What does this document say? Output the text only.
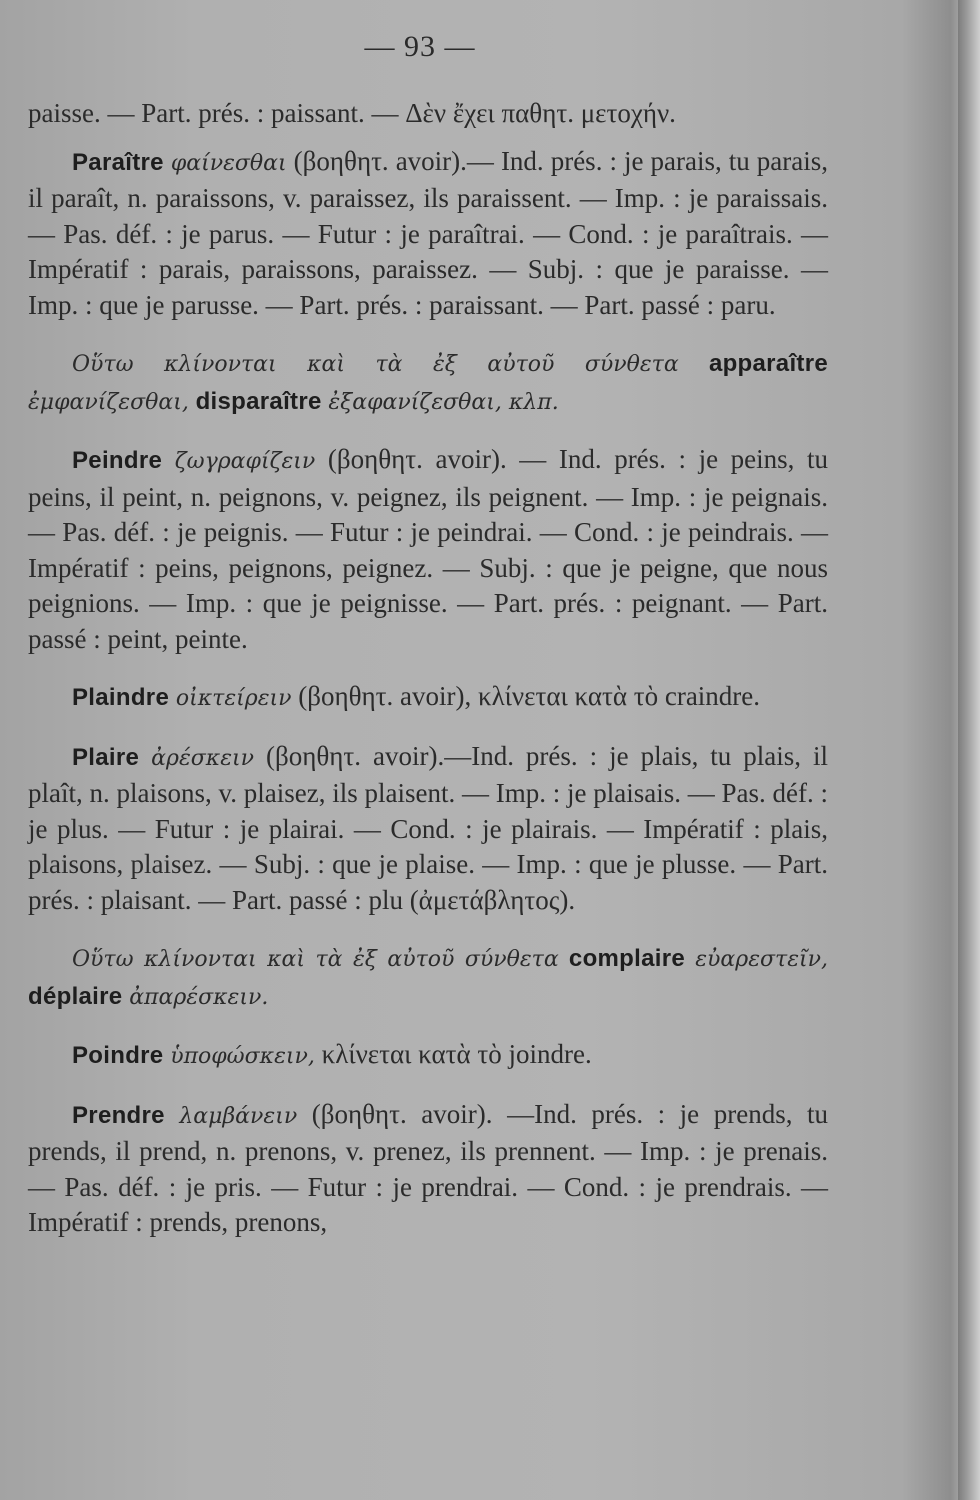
— 93 —

paisse. — Part. prés. : paissant. — Δὲν ἔχει παθητ. μετοχήν.

Paraître φαίνεσθαι (βοηθητ. avoir).— Ind. prés. : je parais, tu parais, il paraît, n. paraissons, v. paraissez, ils paraissent. — Imp. : je paraissais. — Pas. déf. : je parus. — Futur : je paraîtrai. — Cond. : je paraîtrais. — Impératif : parais, paraissons, paraissez. — Subj. : que je paraisse. — Imp. : que je parusse. — Part. prés. : paraissant. — Part. passé : paru.

Οὕτω κλίνονται καὶ τὰ ἐξ αὐτοῦ σύνθετα apparaître ἐμφανίζεσθαι, disparaître ἐξαφανίζεσθαι, κλπ.

Peindre ζωγραφίζειν (βοηθητ. avoir). — Ind. prés. : je peins, tu peins, il peint, n. peignons, v. peignez, ils peignent. — Imp. : je peignais. — Pas. déf. : je peignis. — Futur : je peindrai. — Cond. : je peindrais. — Impératif : peins, peignons, peignez. — Subj. : que je peigne, que nous peignions. — Imp. : que je peignisse. — Part. prés. : peignant. — Part. passé : peint, peinte.

Plaindre οἰκτείρειν (βοηθητ. avoir), κλίνεται κατὰ τὸ craindre.

Plaire ἀρέσκειν (βοηθητ. avoir).—Ind. prés. : je plais, tu plais, il plaît, n. plaisons, v. plaisez, ils plaisent. — Imp. : je plaisais. — Pas. déf. : je plus. — Futur : je plairai. — Cond. : je plairais. — Impératif : plais, plaisons, plaisez. — Subj. : que je plaise. — Imp. : que je plusse. — Part. prés. : plaisant. — Part. passé : plu (ἀμετάβλητος).

Οὕτω κλίνονται καὶ τὰ ἐξ αὐτοῦ σύνθετα complaire εὐαρεστεῖν, déplaire ἀπαρέσκειν.

Poindre ὑποφώσκειν, κλίνεται κατὰ τὸ joindre.

Prendre λαμβάνειν (βοηθητ. avoir). —Ind. prés. : je prends, tu prends, il prend, n. prenons, v. prenez, ils prennent. — Imp. : je prenais. — Pas. déf. : je pris. — Futur : je prendrai. — Cond. : je prendrais. — Impératif : prends, prenons,
